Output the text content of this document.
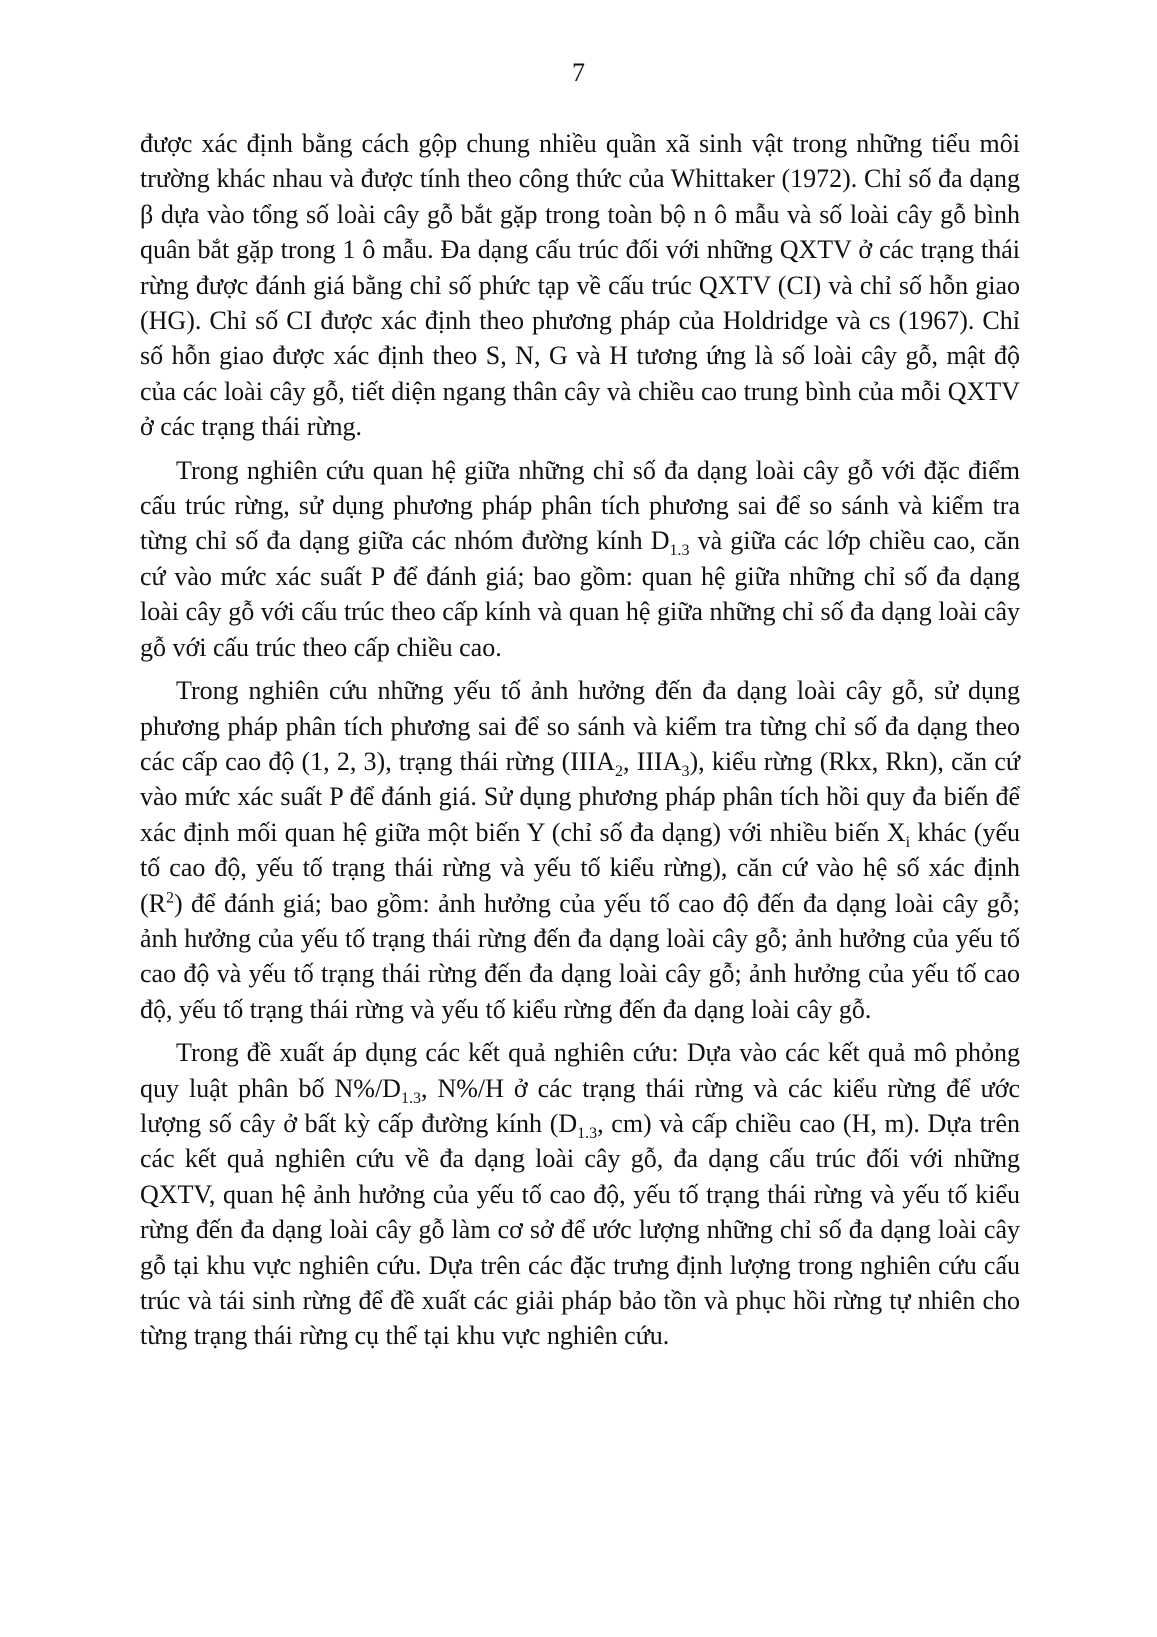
7

được xác định bằng cách gộp chung nhiều quần xã sinh vật trong những tiểu môi trường khác nhau và được tính theo công thức của Whittaker (1972). Chỉ số đa dạng β dựa vào tổng số loài cây gỗ bắt gặp trong toàn bộ n ô mẫu và số loài cây gỗ bình quân bắt gặp trong 1 ô mẫu. Đa dạng cấu trúc đối với những QXTV ở các trạng thái rừng được đánh giá bằng chỉ số phức tạp về cấu trúc QXTV (CI) và chỉ số hỗn giao (HG). Chỉ số CI được xác định theo phương pháp của Holdridge và cs (1967). Chỉ số hỗn giao được xác định theo S, N, G và H tương ứng là số loài cây gỗ, mật độ của các loài cây gỗ, tiết diện ngang thân cây và chiều cao trung bình của mỗi QXTV ở các trạng thái rừng.

Trong nghiên cứu quan hệ giữa những chỉ số đa dạng loài cây gỗ với đặc điểm cấu trúc rừng, sử dụng phương pháp phân tích phương sai để so sánh và kiểm tra từng chỉ số đa dạng giữa các nhóm đường kính $D_{1.3}$ và giữa các lớp chiều cao, căn cứ vào mức xác suất P để đánh giá; bao gồm: quan hệ giữa những chỉ số đa dạng loài cây gỗ với cấu trúc theo cấp kính và quan hệ giữa những chỉ số đa dạng loài cây gỗ với cấu trúc theo cấp chiều cao.

Trong nghiên cứu những yếu tố ảnh hưởng đến đa dạng loài cây gỗ, sử dụng phương pháp phân tích phương sai để so sánh và kiểm tra từng chỉ số đa dạng theo các cấp cao độ (1, 2, 3), trạng thái rừng ($IIIA_2$, $IIIA_3$), kiểu rừng (Rkx, Rkn), căn cứ vào mức xác suất P để đánh giá. Sử dụng phương pháp phân tích hồi quy đa biến để xác định mối quan hệ giữa một biến Y (chỉ số đa dạng) với nhiều biến $X_i$ khác (yếu tố cao độ, yếu tố trạng thái rừng và yếu tố kiểu rừng), căn cứ vào hệ số xác định $(R^2)$ để đánh giá; bao gồm: ảnh hưởng của yếu tố cao độ đến đa dạng loài cây gỗ; ảnh hưởng của yếu tố trạng thái rừng đến đa dạng loài cây gỗ; ảnh hưởng của yếu tố cao độ và yếu tố trạng thái rừng đến đa dạng loài cây gỗ; ảnh hưởng của yếu tố cao độ, yếu tố trạng thái rừng và yếu tố kiểu rừng đến đa dạng loài cây gỗ.

Trong đề xuất áp dụng các kết quả nghiên cứu: Dựa vào các kết quả mô phỏng quy luật phân bố $N\%/D_{1.3}$, N%/H ở các trạng thái rừng và các kiểu rừng để ước lượng số cây ở bất kỳ cấp đường kính ($D_{1.3}$, cm) và cấp chiều cao (H, m). Dựa trên các kết quả nghiên cứu về đa dạng loài cây gỗ, đa dạng cấu trúc đối với những QXTV, quan hệ ảnh hưởng của yếu tố cao độ, yếu tố trạng thái rừng và yếu tố kiểu rừng đến đa dạng loài cây gỗ làm cơ sở để ước lượng những chỉ số đa dạng loài cây gỗ tại khu vực nghiên cứu. Dựa trên các đặc trưng định lượng trong nghiên cứu cấu trúc và tái sinh rừng để đề xuất các giải pháp bảo tồn và phục hồi rừng tự nhiên cho từng trạng thái rừng cụ thể tại khu vực nghiên cứu.
